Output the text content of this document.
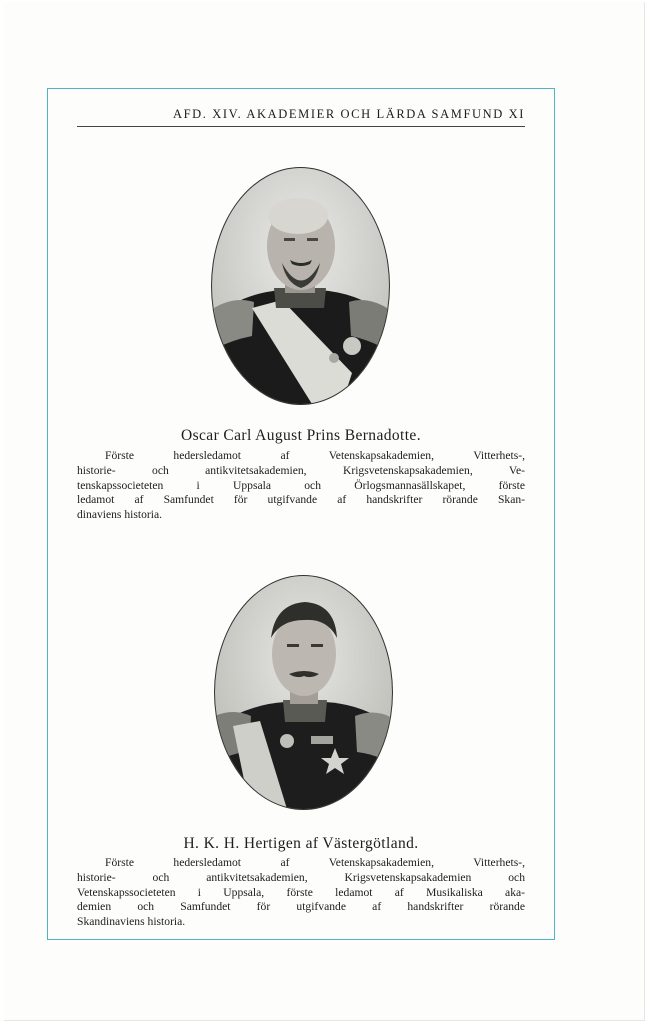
AFD. XIV. AKADEMIER OCH LÄRDA SAMFUND XI
Oscar Carl August Prins Bernadotte.
Förste hedersledamot af Vetenskapsakademien, Vitterhets-,
historie- och antikvitetsakademien, Krigsvetenskapsakademien, Ve-
tenskapssocieteten i Uppsala och Örlogsmannasällskapet, förste
ledamot af Samfundet för utgifvande af handskrifter rörande Skan-
dinaviens historia.
H. K. H. Hertigen af Västergötland.
Förste hedersledamot af Vetenskapsakademien, Vitterhets-,
historie- och antikvitetsakademien, Krigsvetenskapsakademien och
Vetenskapssocieteten i Uppsala, förste ledamot af Musikaliska aka-
demien och Samfundet för utgifvande af handskrifter rörande
Skandinaviens historia.
